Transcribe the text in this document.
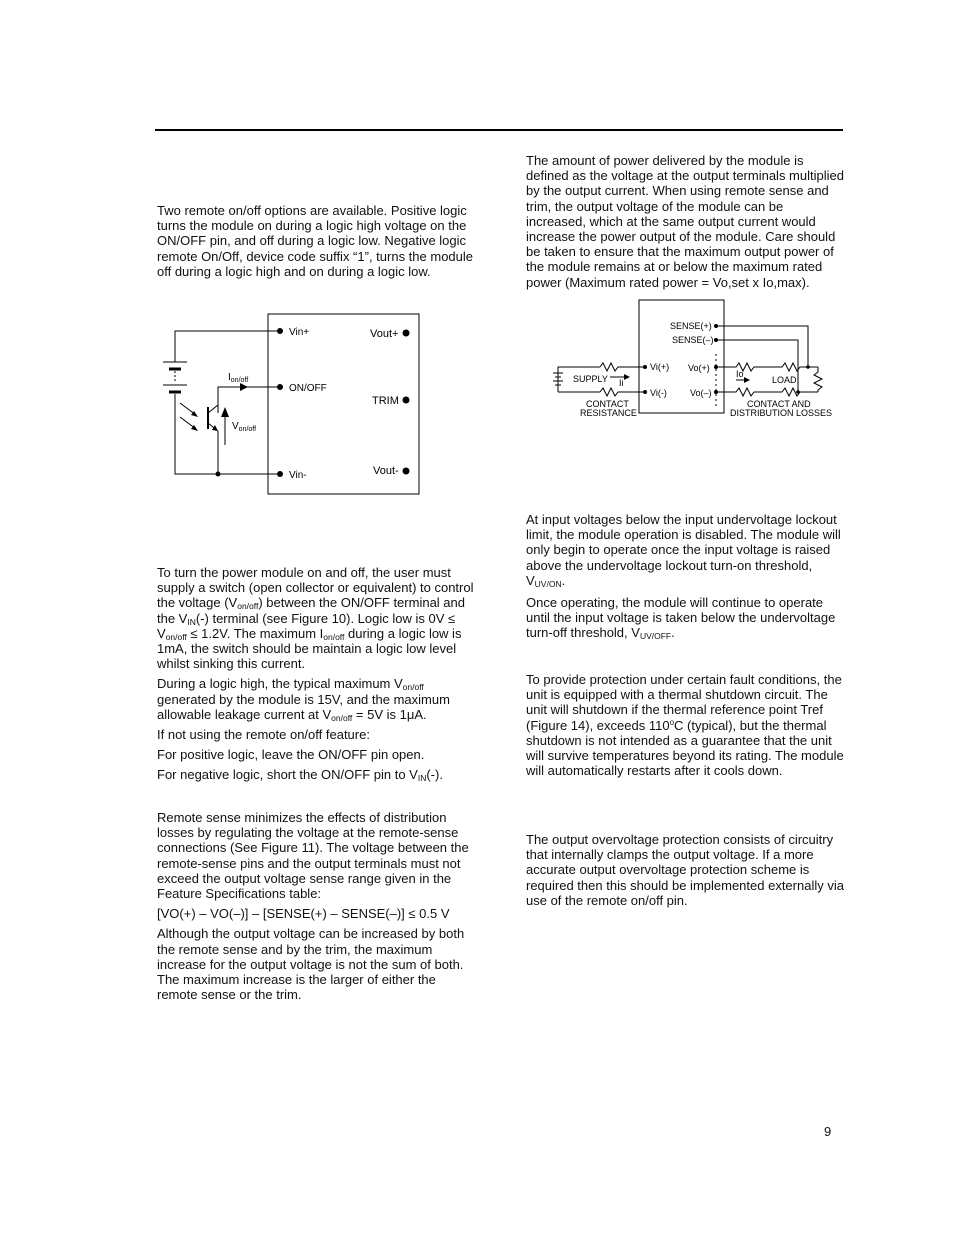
Two remote on/off options are available. Positive logic turns the module on during a logic high voltage on the ON/OFF pin, and off during a logic low. Negative logic remote On/Off, device code suffix “1”, turns the module off during a logic high and on during a logic low.

Vin+
ON/OFF
Vin-
Vout+
TRIM
Vout-
$I_{on/off}$
$V_{on/off}$

To turn the power module on and off, the user must supply a switch (open collector or equivalent) to control the voltage $(V_{on/off})$ between the ON/OFF terminal and the $V_{IN}(-)$ terminal (see Figure 10). Logic low is $0V \le V_{on/off} \le 1.2V$. The maximum $I_{on/off}$ during a logic low is 1mA, the switch should be maintain a logic low level whilst sinking this current.

During a logic high, the typical maximum $V_{on/off}$ generated by the module is 15V, and the maximum allowable leakage current at $V_{on/off} = 5V$ is 1μA.

If not using the remote on/off feature:

For positive logic, leave the ON/OFF pin open.

For negative logic, short the ON/OFF pin to $V_{IN}(-)$.

Remote sense minimizes the effects of distribution losses by regulating the voltage at the remote-sense connections (See Figure 11). The voltage between the remote-sense pins and the output terminals must not exceed the output voltage sense range given in the Feature Specifications table:

[VO(+) – VO(–)] – [SENSE(+) – SENSE(–)] ≤ 0.5 V

Although the output voltage can be increased by both the remote sense and by the trim, the maximum increase for the output voltage is not the sum of both. The maximum increase is the larger of either the remote sense or the trim.

The amount of power delivered by the module is defined as the voltage at the output terminals multiplied by the output current. When using remote sense and trim, the output voltage of the module can be increased, which at the same output current would increase the power output of the module. Care should be taken to ensure that the maximum output power of the module remains at or below the maximum rated power (Maximum rated power = Vo,set x Io,max).

SENSE(+)
SENSE(–)
Vi(+)
Vi(-)
Vo(+)
Vo(–)
SUPPLY Ii
Io
LOAD
CONTACT
RESISTANCE
CONTACT AND
DISTRIBUTION LOSSES

At input voltages below the input undervoltage lockout limit, the module operation is disabled. The module will only begin to operate once the input voltage is raised above the undervoltage lockout turn-on threshold, $V_{UV/ON}$.

Once operating, the module will continue to operate until the input voltage is taken below the undervoltage turn-off threshold, $V_{UV/OFF}$.

To provide protection under certain fault conditions, the unit is equipped with a thermal shutdown circuit. The unit will shutdown if the thermal reference point Tref (Figure 14), exceeds 110$^o$C (typical), but the thermal shutdown is not intended as a guarantee that the unit will survive temperatures beyond its rating. The module will automatically restarts after it cools down.

The output overvoltage protection consists of circuitry that internally clamps the output voltage. If a more accurate output overvoltage protection scheme is required then this should be implemented externally via use of the remote on/off pin.

9
